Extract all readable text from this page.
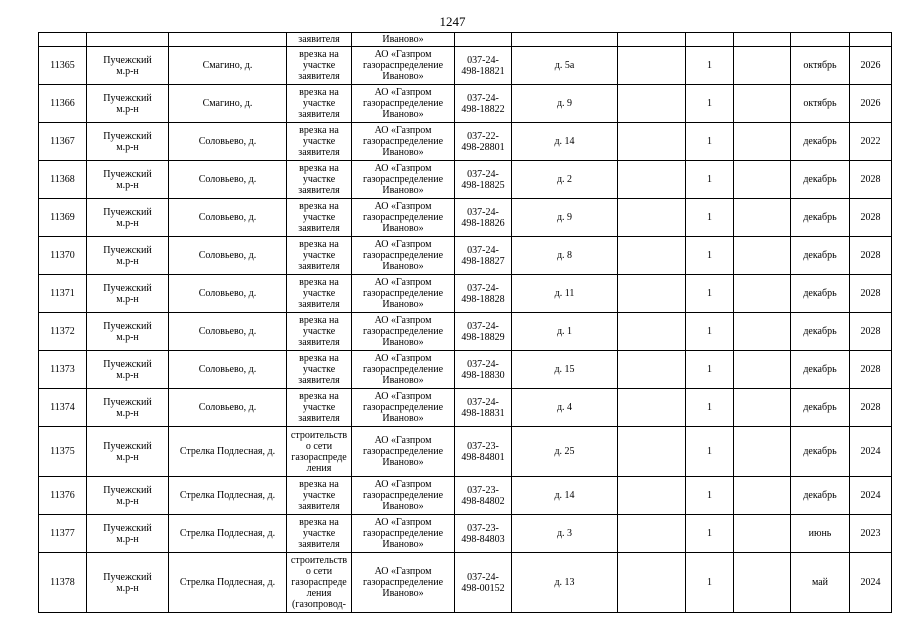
1247
			заявителя	Иваново»							
11365	Пучежский
м.р-н	Смагино, д.	врезка на
участке
заявителя	АО «Газпром
газораспределение
Иваново»	037-24-
498-18821	д. 5а		1		октябрь	2026
11366	Пучежский
м.р-н	Смагино, д.	врезка на
участке
заявителя	АО «Газпром
газораспределение
Иваново»	037-24-
498-18822	д. 9		1		октябрь	2026
11367	Пучежский
м.р-н	Соловьево, д.	врезка на
участке
заявителя	АО «Газпром
газораспределение
Иваново»	037-22-
498-28801	д. 14		1		декабрь	2022
11368	Пучежский
м.р-н	Соловьево, д.	врезка на
участке
заявителя	АО «Газпром
газораспределение
Иваново»	037-24-
498-18825	д. 2		1		декабрь	2028
11369	Пучежский
м.р-н	Соловьево, д.	врезка на
участке
заявителя	АО «Газпром
газораспределение
Иваново»	037-24-
498-18826	д. 9		1		декабрь	2028
11370	Пучежский
м.р-н	Соловьево, д.	врезка на
участке
заявителя	АО «Газпром
газораспределение
Иваново»	037-24-
498-18827	д. 8		1		декабрь	2028
11371	Пучежский
м.р-н	Соловьево, д.	врезка на
участке
заявителя	АО «Газпром
газораспределение
Иваново»	037-24-
498-18828	д. 11		1		декабрь	2028
11372	Пучежский
м.р-н	Соловьево, д.	врезка на
участке
заявителя	АО «Газпром
газораспределение
Иваново»	037-24-
498-18829	д. 1		1		декабрь	2028
11373	Пучежский
м.р-н	Соловьево, д.	врезка на
участке
заявителя	АО «Газпром
газораспределение
Иваново»	037-24-
498-18830	д. 15		1		декабрь	2028
11374	Пучежский
м.р-н	Соловьево, д.	врезка на
участке
заявителя	АО «Газпром
газораспределение
Иваново»	037-24-
498-18831	д. 4		1		декабрь	2028
11375	Пучежский
м.р-н	Стрелка Подлесная, д.	строительств
о сети
газораспреде
ления	АО «Газпром
газораспределение
Иваново»	037-23-
498-84801	д. 25		1		декабрь	2024
11376	Пучежский
м.р-н	Стрелка Подлесная, д.	врезка на
участке
заявителя	АО «Газпром
газораспределение
Иваново»	037-23-
498-84802	д. 14		1		декабрь	2024
11377	Пучежский
м.р-н	Стрелка Подлесная, д.	врезка на
участке
заявителя	АО «Газпром
газораспределение
Иваново»	037-23-
498-84803	д. 3		1		июнь	2023
11378	Пучежский
м.р-н	Стрелка Подлесная, д.	строительств
о сети
газораспреде
ления
(газопровод-	АО «Газпром
газораспределение
Иваново»	037-24-
498-00152	д. 13		1		май	2024
